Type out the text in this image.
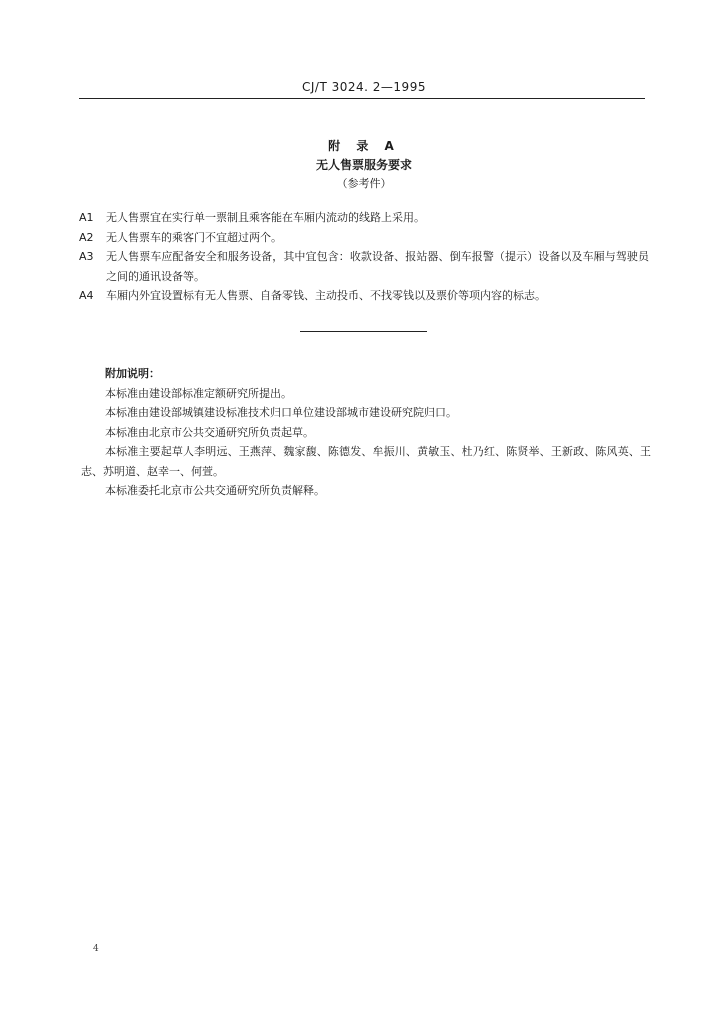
CJ/T 3024. 2—1995
附 录 A
无人售票服务要求
（参考件）
A1	无人售票宜在实行单一票制且乘客能在车厢内流动的线路上采用。
A2	无人售票车的乘客门不宜超过两个。
A3	无人售票车应配备安全和服务设备，其中宜包含：收款设备、报站器、倒车报警（提示）设备以及车厢与驾驶员之间的通讯设备等。
A4	车厢内外宜设置标有无人售票、自备零钱、主动投币、不找零钱以及票价等项内容的标志。
附加说明：

本标准由建设部标准定额研究所提出。

本标准由建设部城镇建设标准技术归口单位建设部城市建设研究院归口。

本标准由北京市公共交通研究所负责起草。

本标准主要起草人李明远、王燕萍、魏家馥、陈德发、牟振川、黄敏玉、杜乃红、陈贤举、王新政、陈风英、王志、苏明道、赵幸一、何萱。

本标准委托北京市公共交通研究所负责解释。

4
